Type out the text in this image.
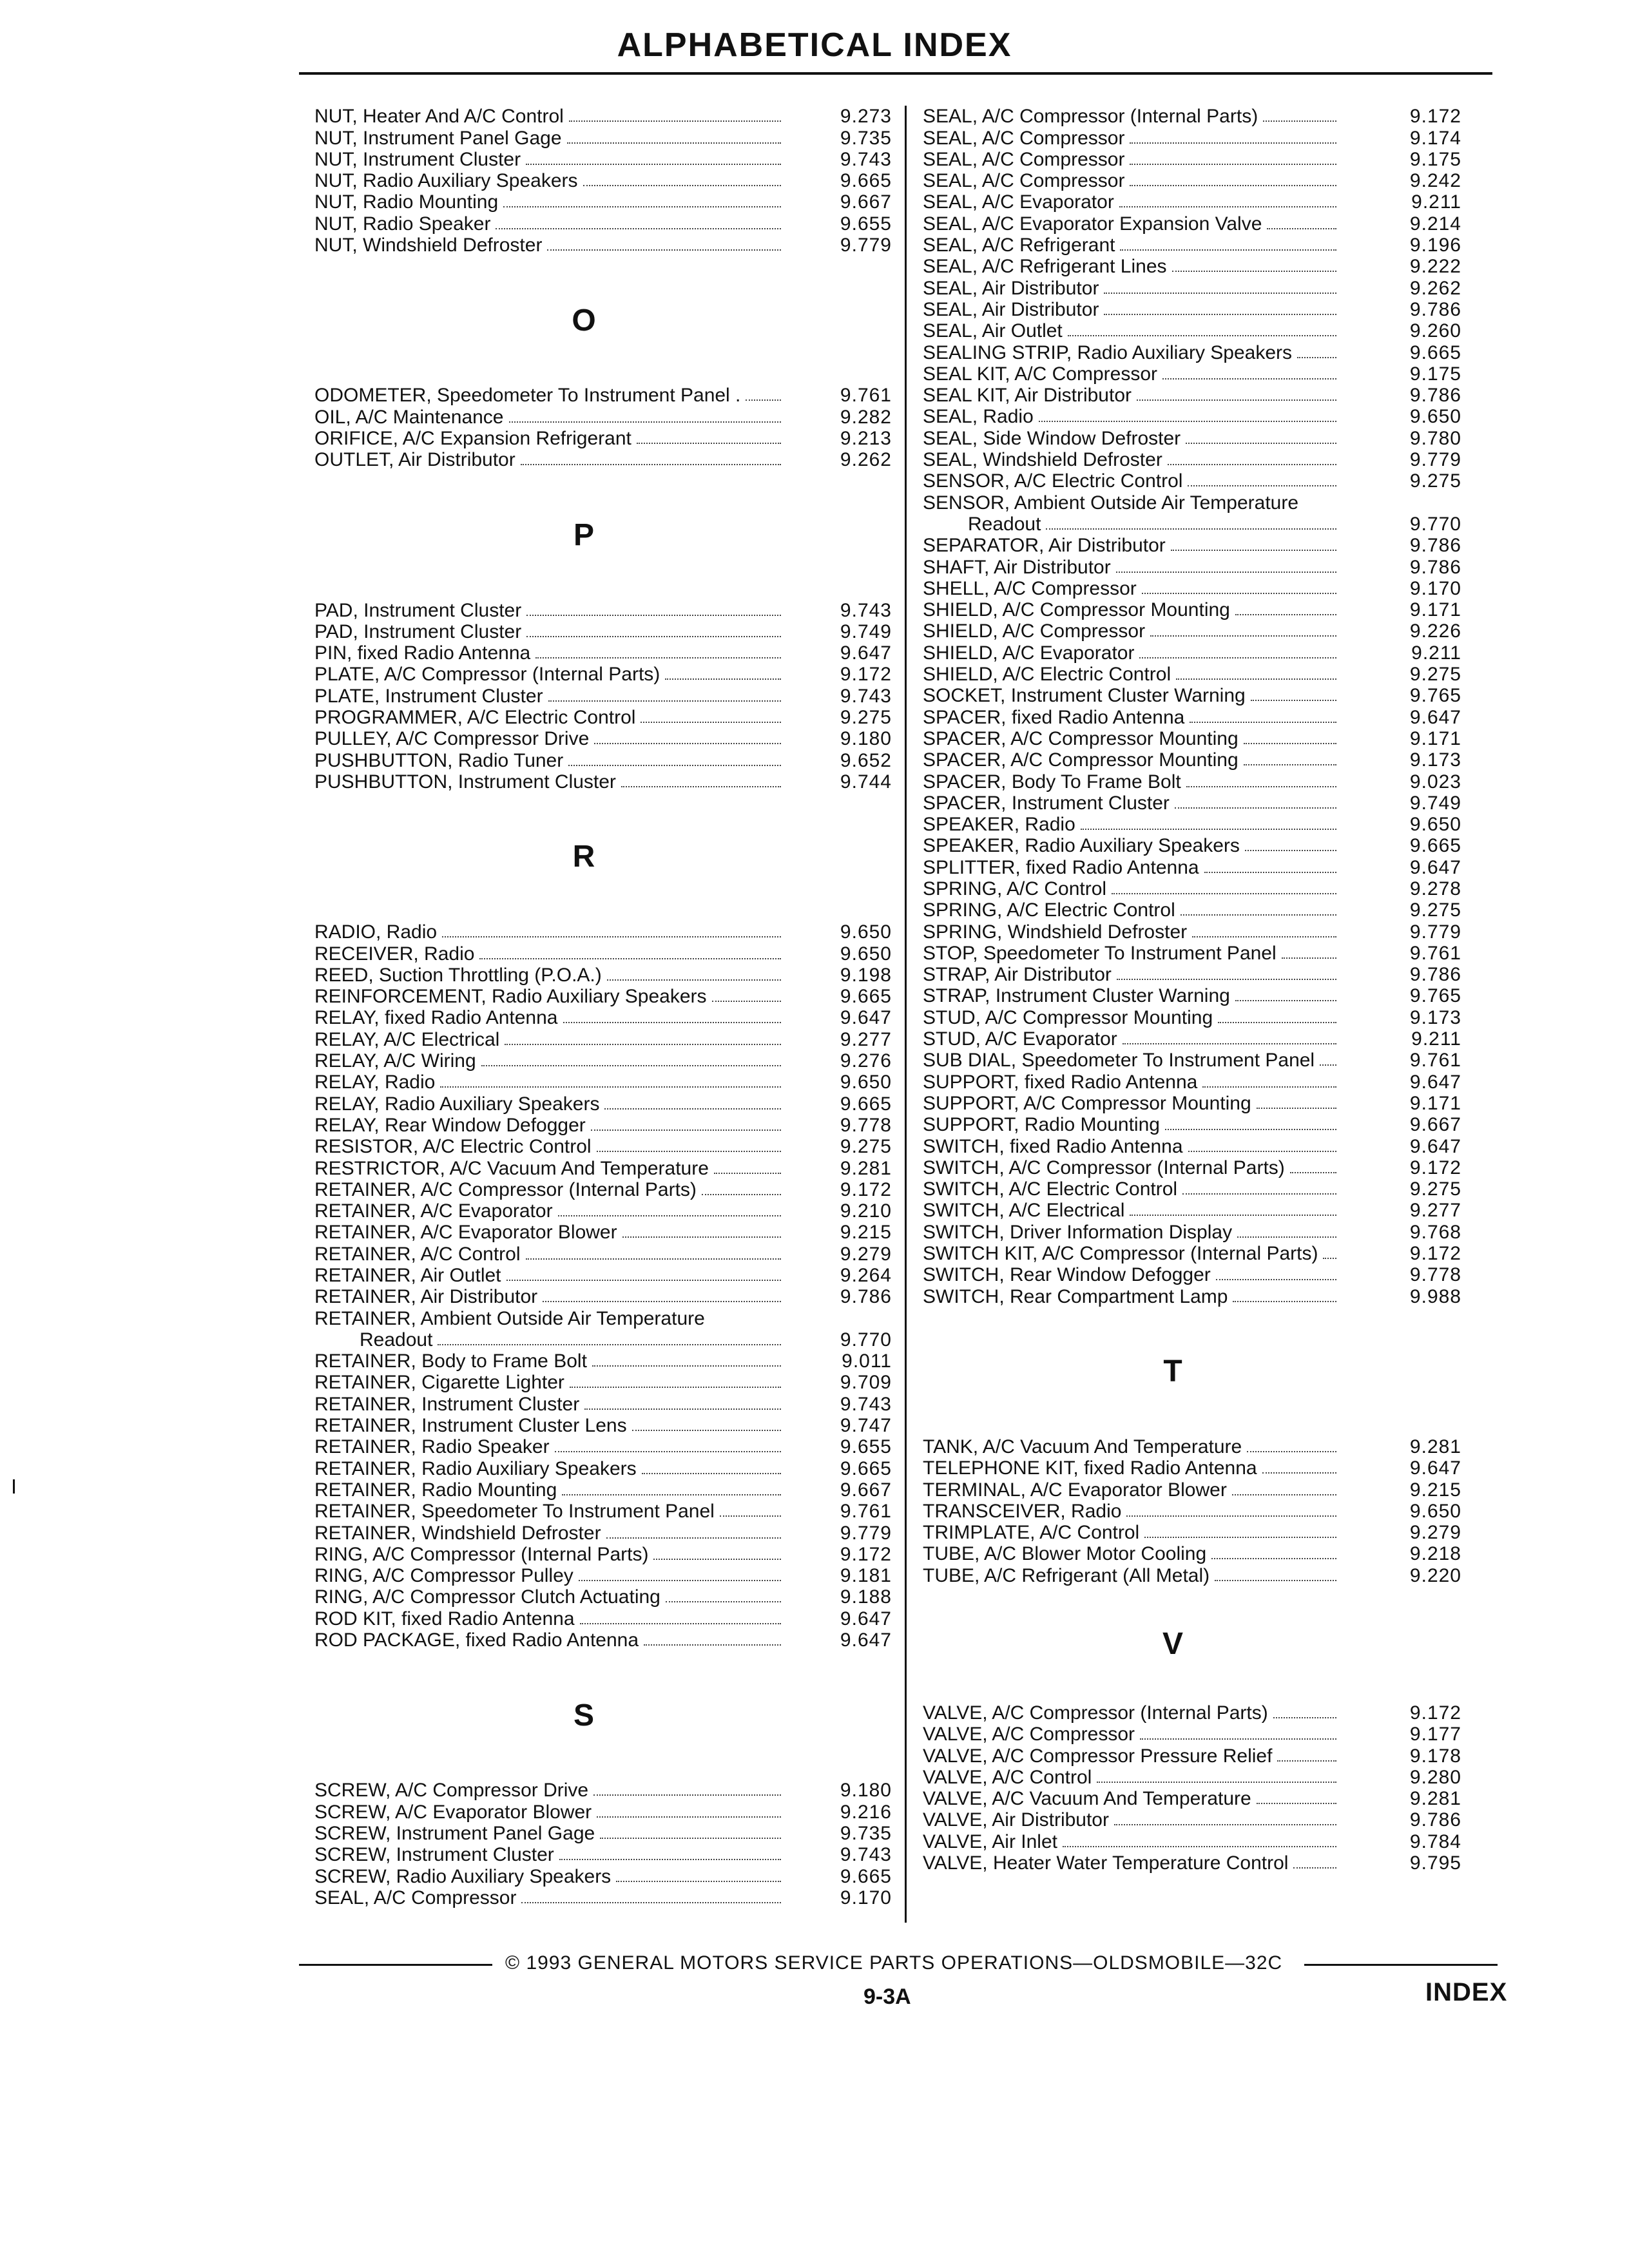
ALPHABETICAL INDEX
NUT, Heater And A/C Control	9.273
NUT, Instrument Panel Gage	9.735
NUT, Instrument Cluster	9.743
NUT, Radio Auxiliary Speakers	9.665
NUT, Radio Mounting	9.667
NUT, Radio Speaker	9.655
NUT, Windshield Defroster	9.779
O
ODOMETER, Speedometer To Instrument Panel .	9.761
OIL, A/C Maintenance	9.282
ORIFICE, A/C Expansion Refrigerant	9.213
OUTLET, Air Distributor	9.262
P
PAD, Instrument Cluster	9.743
PAD, Instrument Cluster	9.749
PIN, fixed Radio Antenna	9.647
PLATE, A/C Compressor (Internal Parts)	9.172
PLATE, Instrument Cluster	9.743
PROGRAMMER, A/C Electric Control	9.275
PULLEY, A/C Compressor Drive	9.180
PUSHBUTTON, Radio Tuner	9.652
PUSHBUTTON, Instrument Cluster	9.744
R
RADIO, Radio	9.650
RECEIVER, Radio	9.650
REED, Suction Throttling (P.O.A.)	9.198
REINFORCEMENT, Radio Auxiliary Speakers	9.665
RELAY, fixed Radio Antenna	9.647
RELAY, A/C Electrical	9.277
RELAY, A/C Wiring	9.276
RELAY, Radio	9.650
RELAY, Radio Auxiliary Speakers	9.665
RELAY, Rear Window Defogger	9.778
RESISTOR, A/C Electric Control	9.275
RESTRICTOR, A/C Vacuum And Temperature	9.281
RETAINER, A/C Compressor (Internal Parts)	9.172
RETAINER, A/C Evaporator	9.210
RETAINER, A/C Evaporator Blower	9.215
RETAINER, A/C Control	9.279
RETAINER, Air Outlet	9.264
RETAINER, Air Distributor	9.786
RETAINER, Ambient Outside Air Temperature
Readout	9.770
RETAINER, Body to Frame Bolt	9.011
RETAINER, Cigarette Lighter	9.709
RETAINER, Instrument Cluster	9.743
RETAINER, Instrument Cluster Lens	9.747
RETAINER, Radio Speaker	9.655
RETAINER, Radio Auxiliary Speakers	9.665
RETAINER, Radio Mounting	9.667
RETAINER, Speedometer To Instrument Panel	9.761
RETAINER, Windshield Defroster	9.779
RING, A/C Compressor (Internal Parts)	9.172
RING, A/C Compressor Pulley	9.181
RING, A/C Compressor Clutch Actuating	9.188
ROD KIT, fixed Radio Antenna	9.647
ROD PACKAGE, fixed Radio Antenna	9.647
S
SCREW, A/C Compressor Drive	9.180
SCREW, A/C Evaporator Blower	9.216
SCREW, Instrument Panel Gage	9.735
SCREW, Instrument Cluster	9.743
SCREW, Radio Auxiliary Speakers	9.665
SEAL, A/C Compressor	9.170
SEAL, A/C Compressor (Internal Parts)	9.172
SEAL, A/C Compressor	9.174
SEAL, A/C Compressor	9.175
SEAL, A/C Compressor	9.242
SEAL, A/C Evaporator	9.211
SEAL, A/C Evaporator Expansion Valve	9.214
SEAL, A/C Refrigerant	9.196
SEAL, A/C Refrigerant Lines	9.222
SEAL, Air Distributor	9.262
SEAL, Air Distributor	9.786
SEAL, Air Outlet	9.260
SEALING STRIP, Radio Auxiliary Speakers	9.665
SEAL KIT, A/C Compressor	9.175
SEAL KIT, Air Distributor	9.786
SEAL, Radio	9.650
SEAL, Side Window Defroster	9.780
SEAL, Windshield Defroster	9.779
SENSOR, A/C Electric Control	9.275
SENSOR, Ambient Outside Air Temperature
Readout	9.770
SEPARATOR, Air Distributor	9.786
SHAFT, Air Distributor	9.786
SHELL, A/C Compressor	9.170
SHIELD, A/C Compressor Mounting	9.171
SHIELD, A/C Compressor	9.226
SHIELD, A/C Evaporator	9.211
SHIELD, A/C Electric Control	9.275
SOCKET, Instrument Cluster Warning	9.765
SPACER, fixed Radio Antenna	9.647
SPACER, A/C Compressor Mounting	9.171
SPACER, A/C Compressor Mounting	9.173
SPACER, Body To Frame Bolt	9.023
SPACER, Instrument Cluster	9.749
SPEAKER, Radio	9.650
SPEAKER, Radio Auxiliary Speakers	9.665
SPLITTER, fixed Radio Antenna	9.647
SPRING, A/C Control	9.278
SPRING, A/C Electric Control	9.275
SPRING, Windshield Defroster	9.779
STOP, Speedometer To Instrument Panel	9.761
STRAP, Air Distributor	9.786
STRAP, Instrument Cluster Warning	9.765
STUD, A/C Compressor Mounting	9.173
STUD, A/C Evaporator	9.211
SUB DIAL, Speedometer To Instrument Panel	9.761
SUPPORT, fixed Radio Antenna	9.647
SUPPORT, A/C Compressor Mounting	9.171
SUPPORT, Radio Mounting	9.667
SWITCH, fixed Radio Antenna	9.647
SWITCH, A/C Compressor (Internal Parts)	9.172
SWITCH, A/C Electric Control	9.275
SWITCH, A/C Electrical	9.277
SWITCH, Driver Information Display	9.768
SWITCH KIT, A/C Compressor (Internal Parts)	9.172
SWITCH, Rear Window Defogger	9.778
SWITCH, Rear Compartment Lamp	9.988
T
TANK, A/C Vacuum And Temperature	9.281
TELEPHONE KIT, fixed Radio Antenna	9.647
TERMINAL, A/C Evaporator Blower	9.215
TRANSCEIVER, Radio	9.650
TRIMPLATE, A/C Control	9.279
TUBE, A/C Blower Motor Cooling	9.218
TUBE, A/C Refrigerant (All Metal)	9.220
V
VALVE, A/C Compressor (Internal Parts)	9.172
VALVE, A/C Compressor	9.177
VALVE, A/C Compressor Pressure Relief	9.178
VALVE, A/C Control	9.280
VALVE, A/C Vacuum And Temperature	9.281
VALVE, Air Distributor	9.786
VALVE, Air Inlet	9.784
VALVE, Heater Water Temperature Control	9.795
© 1993 GENERAL MOTORS SERVICE PARTS OPERATIONS—OLDSMOBILE—32C
9-3A	INDEX
